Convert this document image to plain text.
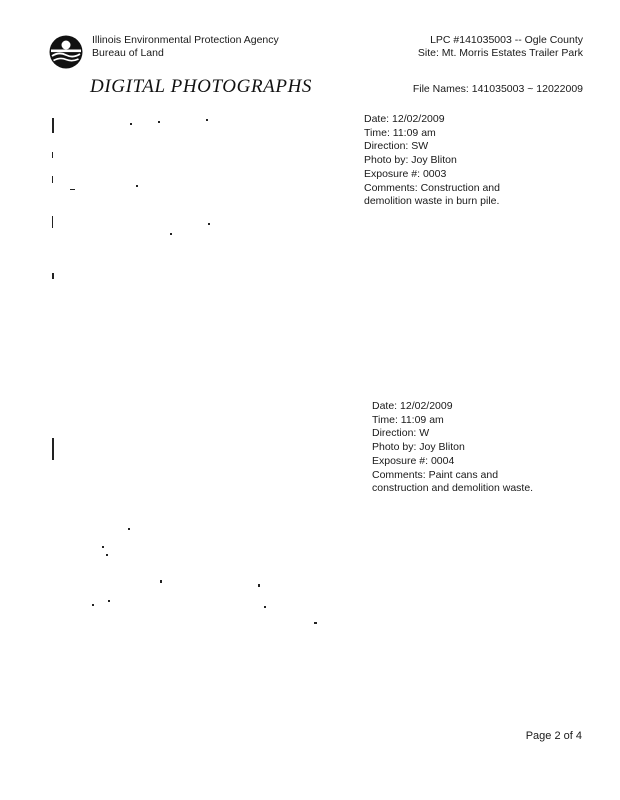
Illinois Environmental Protection Agency
Bureau of Land
LPC #141035003 -- Ogle County
Site: Mt. Morris Estates Trailer Park
DIGITAL PHOTOGRAPHS	File Names: 141035003 ~ 12022009
Date: 12/02/2009
Time: 11:09 am
Direction: SW
Photo by: Joy Bliton
Exposure #: 0003
Comments: Construction and
demolition waste in burn pile.
Date: 12/02/2009
Time: 11:09 am
Direction: W
Photo by: Joy Bliton
Exposure #: 0004
Comments: Paint cans and
construction and demolition waste.
Page 2 of 4
